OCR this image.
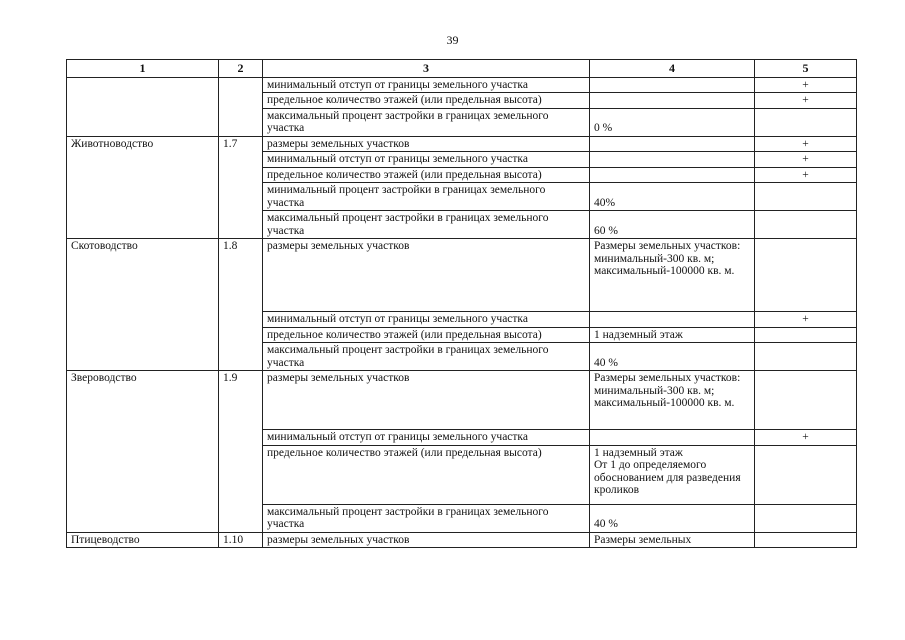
39
1	2	3	4	5
		минимальный отступ от границы земельного участка		+
		предельное количество этажей (или предельная высота)		+
		максимальный процент застройки в границах земельного участка	0 %	
Животноводство	1.7	размеры земельных участков		+
		минимальный отступ от границы земельного участка		+
		предельное количество этажей (или предельная высота)		+
		минимальный процент застройки в границах земельного участка	40%	
		максимальный процент застройки в границах земельного участка	60 %	
Скотоводство	1.8	размеры земельных участков	Размеры земельных участков:
минимальный-300 кв. м;
максимальный-100000 кв. м.	
		минимальный отступ от границы земельного участка		+
		предельное количество этажей (или предельная высота)	1 надземный этаж	
		максимальный процент застройки в границах земельного участка	40 %	
Звероводство	1.9	размеры земельных участков	Размеры земельных участков:
минимальный-300 кв. м;
максимальный-100000 кв. м.	
		минимальный отступ от границы земельного участка		+
		предельное количество этажей (или предельная высота)	1 надземный этаж
От 1 до определяемого обоснованием для разведения кроликов	
		максимальный процент застройки в границах земельного участка	40 %	
Птицеводство	1.10	размеры земельных участков	Размеры земельных	
